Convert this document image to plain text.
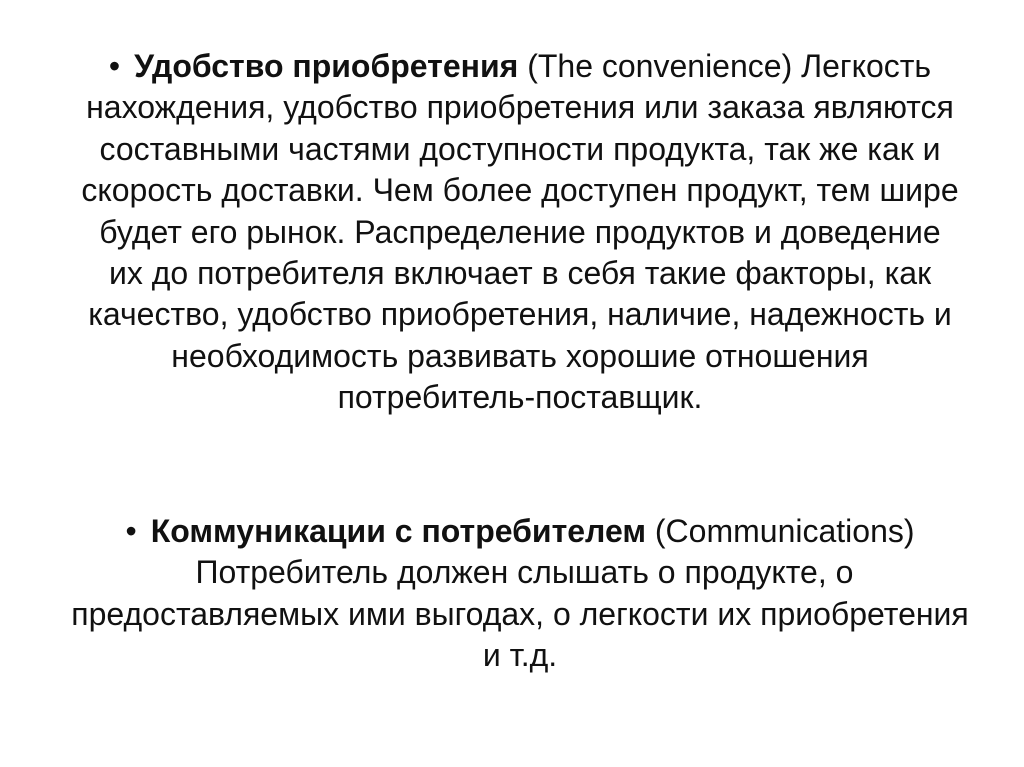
• Удобство приобретения (The convenience) Легкость нахождения, удобство приобретения или заказа являются составными частями доступности продукта, так же как и скорость доставки. Чем более доступен продукт, тем шире будет его рынок. Распределение продуктов и доведение их до потребителя включает в себя такие факторы, как качество, удобство приобретения, наличие, надежность и необходимость развивать хорошие отношения потребитель-поставщик.

• Коммуникации с потребителем (Communications) Потребитель должен слышать о продукте, о предоставляемых ими выгодах, о легкости их приобретения и т.д.
